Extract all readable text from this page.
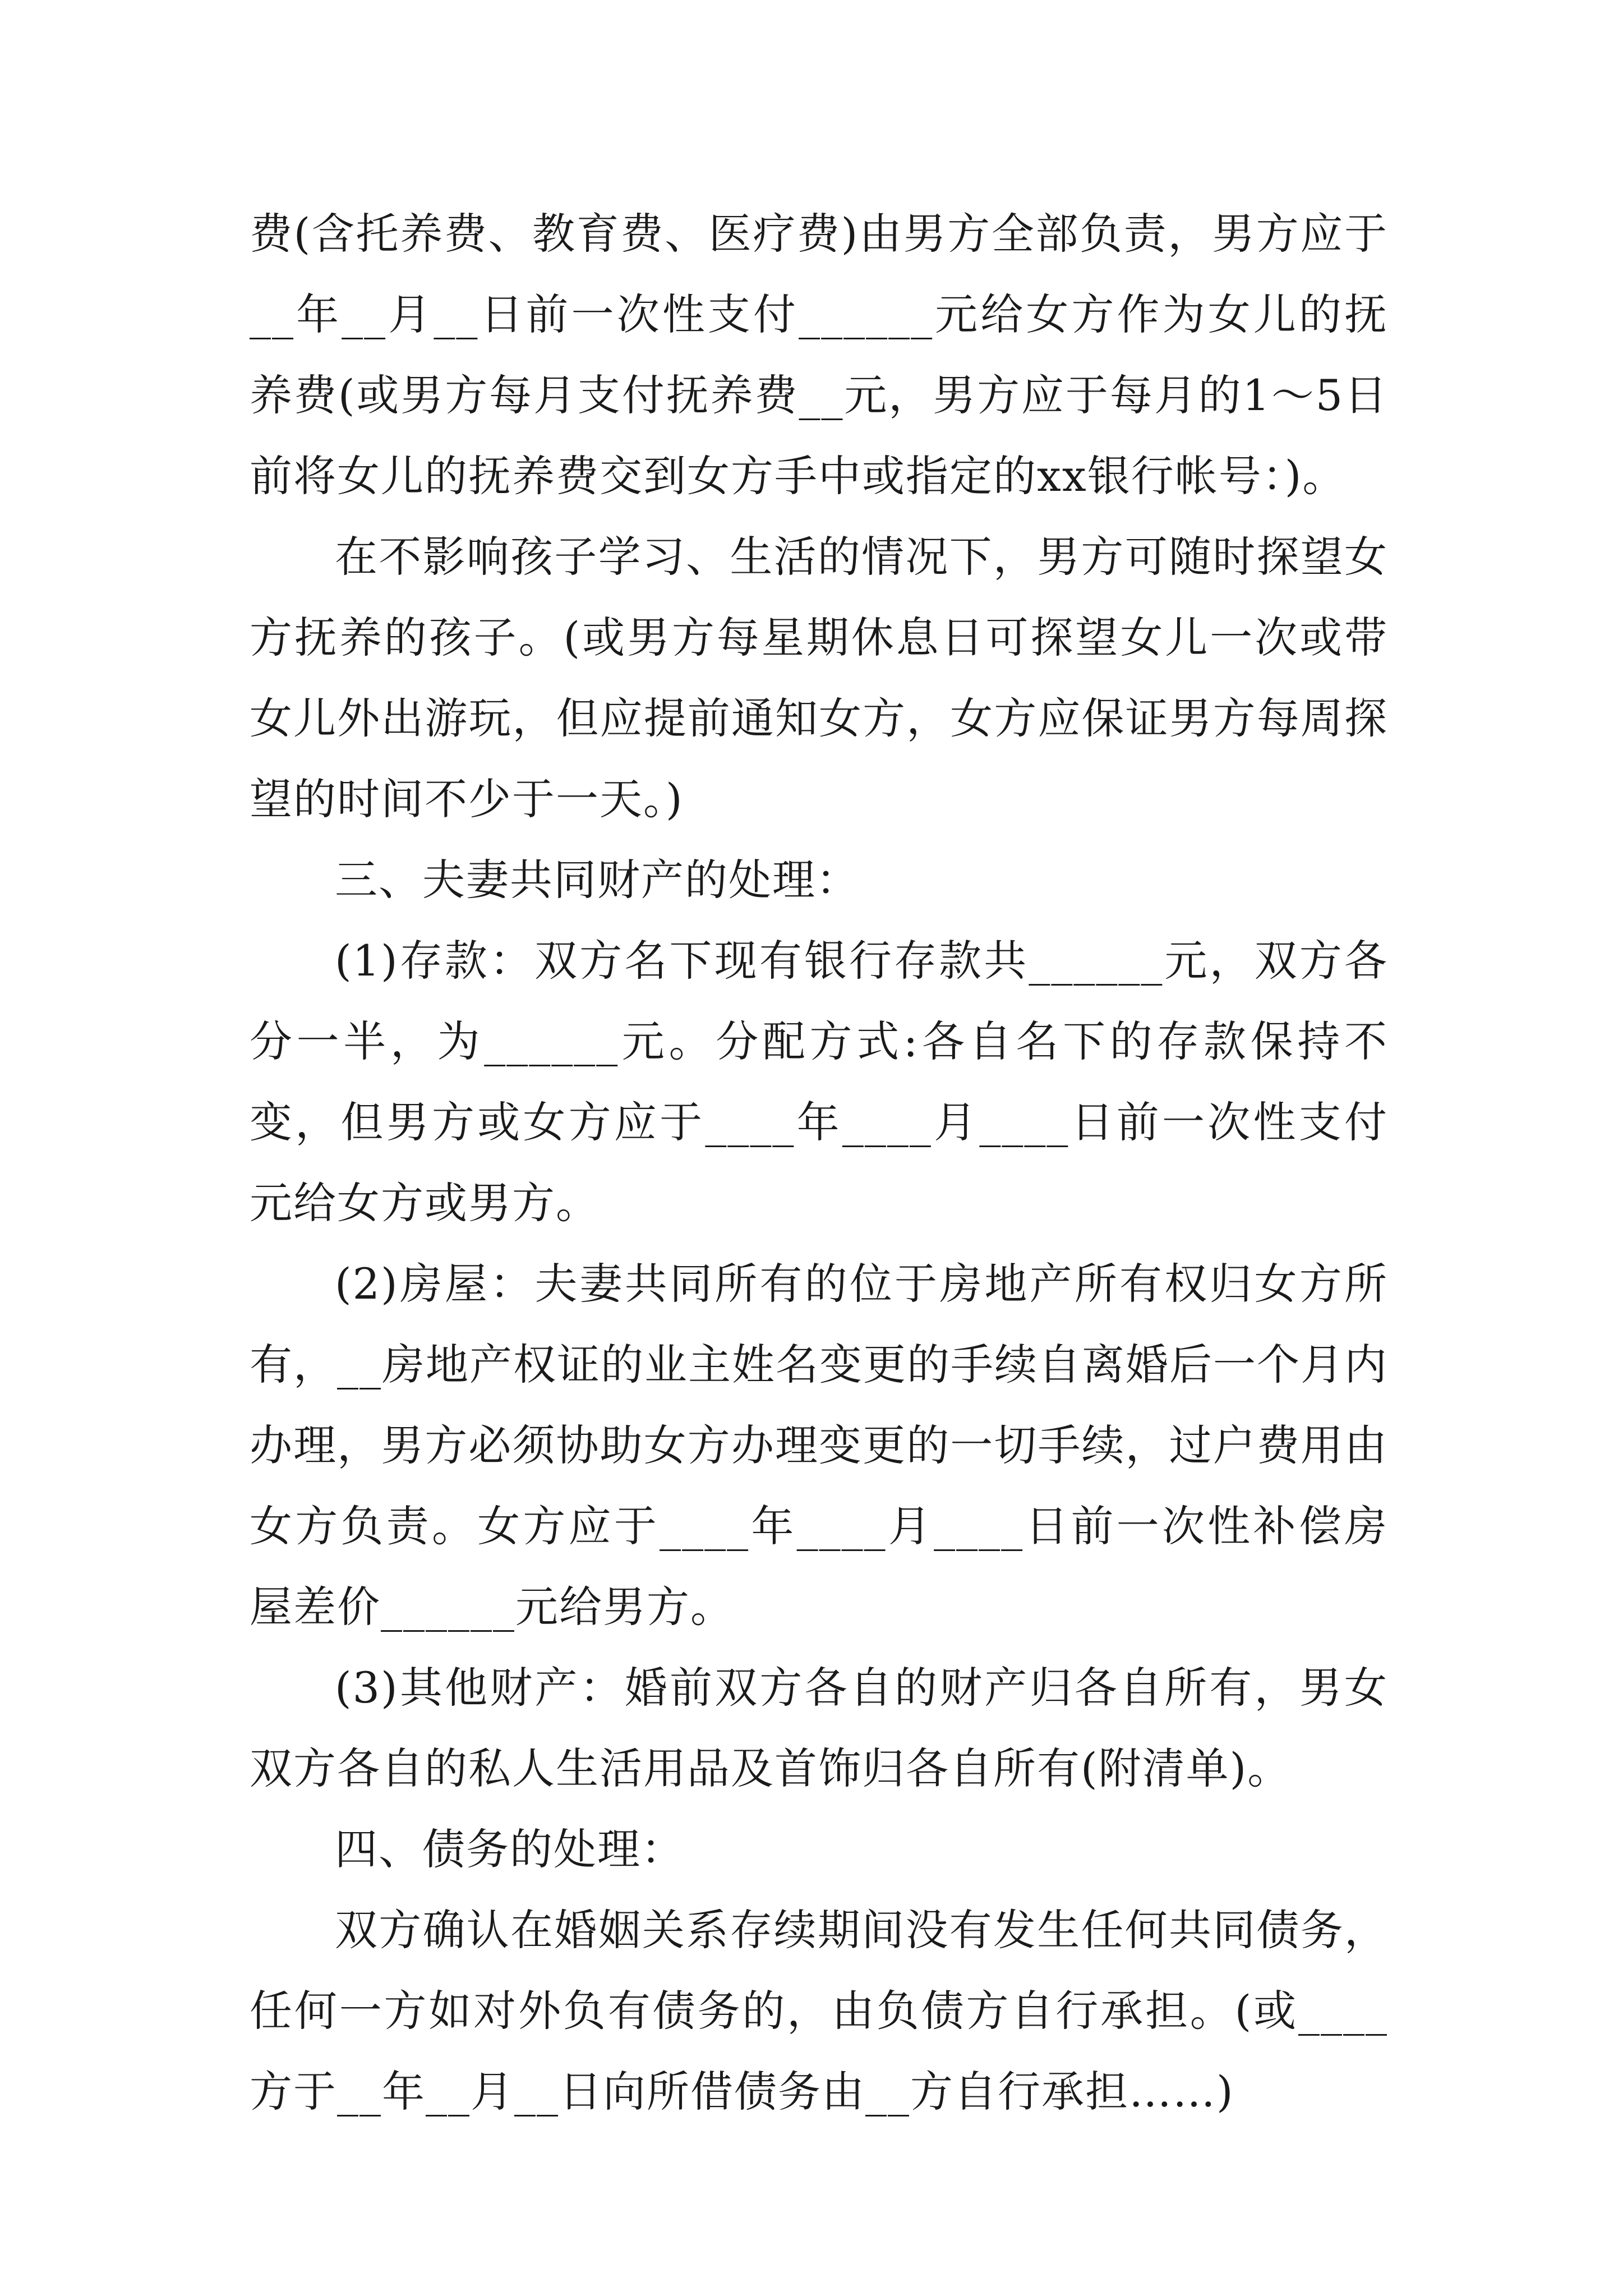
费(含托养费、教育费、医疗费)由男方全部负责，男方应于__年__月__日前一次性支付______元给女方作为女儿的抚养费(或男方每月支付抚养费__元，男方应于每月的1～5日前将女儿的抚养费交到女方手中或指定的xx银行帐号：)。

在不影响孩子学习、生活的情况下，男方可随时探望女方抚养的孩子。(或男方每星期休息日可探望女儿一次或带女儿外出游玩，但应提前通知女方，女方应保证男方每周探望的时间不少于一天。)

三、夫妻共同财产的处理：

(1)存款：双方名下现有银行存款共______元，双方各分一半，为______元。分配方式:各自名下的存款保持不变，但男方或女方应于____年____月____日前一次性支付元给女方或男方。

(2)房屋：夫妻共同所有的位于房地产所有权归女方所有，__房地产权证的业主姓名变更的手续自离婚后一个月内办理，男方必须协助女方办理变更的一切手续，过户费用由女方负责。女方应于____年____月____日前一次性补偿房屋差价______元给男方。

(3)其他财产：婚前双方各自的财产归各自所有，男女双方各自的私人生活用品及首饰归各自所有(附清单)。

四、债务的处理：

双方确认在婚姻关系存续期间没有发生任何共同债务，任何一方如对外负有债务的，由负债方自行承担。(或____方于__年__月__日向所借债务由__方自行承担……)
